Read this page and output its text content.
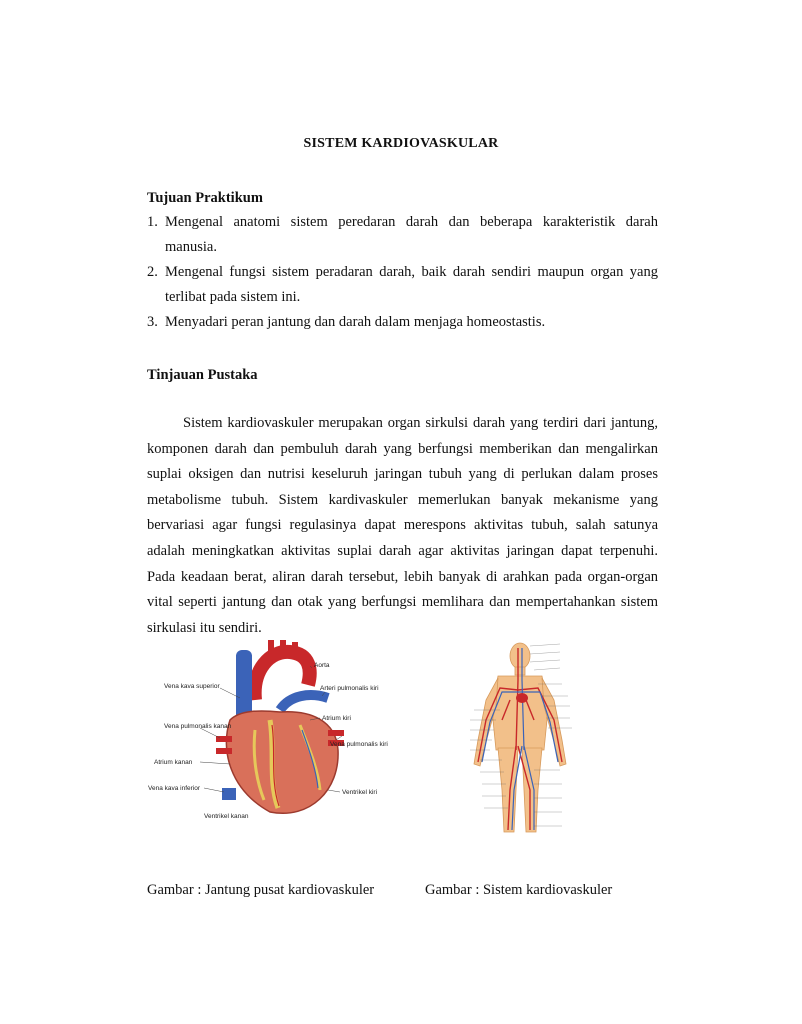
SISTEM KARDIOVASKULAR
Tujuan Praktikum
1. Mengenal anatomi sistem peredaran darah dan beberapa karakteristik darah manusia.
2. Mengenal fungsi sistem peradaran darah, baik darah sendiri maupun organ yang terlibat pada sistem ini.
3. Menyadari peran jantung dan darah dalam menjaga homeostastis.
Tinjauan Pustaka

Sistem kardiovaskuler merupakan organ sirkulsi darah yang terdiri dari jantung, komponen darah dan pembuluh darah yang berfungsi memberikan dan mengalirkan suplai oksigen dan nutrisi keseluruh jaringan tubuh yang di perlukan dalam proses metabolisme tubuh. Sistem kardivaskuler memerlukan banyak mekanisme yang bervariasi agar fungsi regulasinya dapat merespons aktivitas tubuh, salah satunya adalah meningkatkan aktivitas suplai darah agar aktivitas jaringan dapat terpenuhi. Pada keadaan berat, aliran darah tersebut, lebih banyak di arahkan pada organ-organ vital seperti jantung dan otak yang berfungsi memlihara dan mempertahankan sistem sirkulasi itu sendiri.

Aorta
Vena kava superior	Arteri pulmonalis kiri
Atrium kiri
Vena pulmonalis kanan
Vena pulmonalis kiri
Atrium kanan
Vena kava inferior
Ventrikel kiri
Ventrikel kanan
Gambar : Jantung pusat kardiovaskuler	Gambar : Sistem kardiovaskuler
